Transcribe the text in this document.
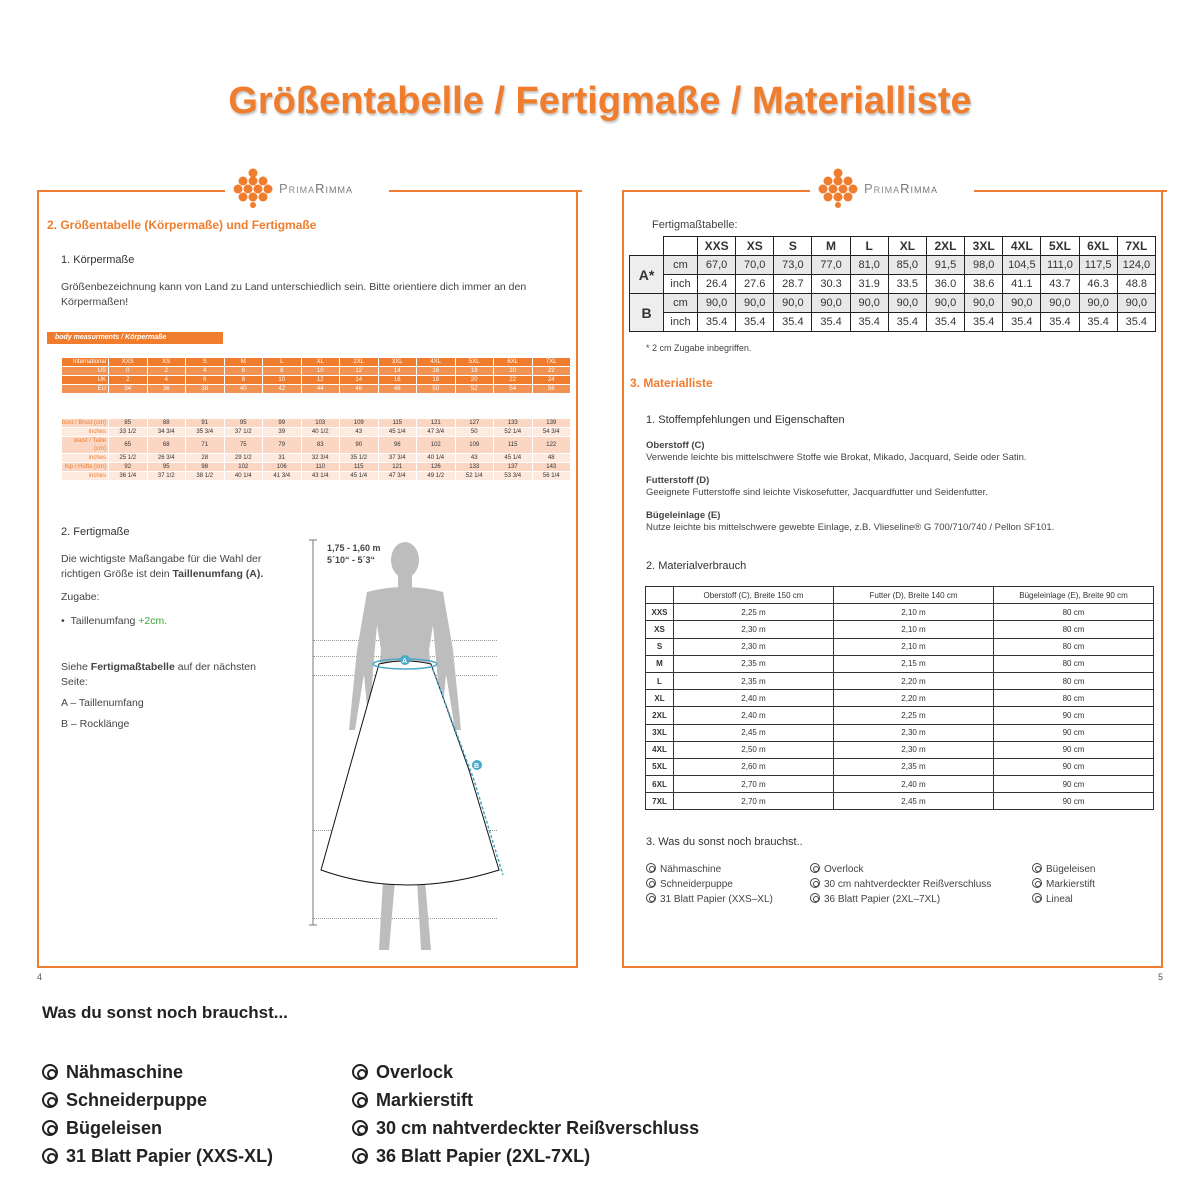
Größentabelle / Fertigmaße / Materialliste
PrimaRimma
2. Größentabelle (Körpermaße) und Fertigmaße
1. Körpermaße
Größenbezeichnung kann von Land zu Land unterschiedlich sein. Bitte orientiere dich immer an den Körpermaßen!
body measurments / Körpermaße
International	XXS	XS	S	M	L	XL	2XL	3XL	4XL	5XL	6XL	7XL
US	0	2	4	6	8	10	12	14	16	18	20	22
UK	2	4	6	8	10	12	14	16	18	20	22	24
EU	34	36	38	40	42	44	46	48	50	52	54	56
bust / Brust (cm)	85	88	91	95	99	103	109	115	121	127	133	139
inches	33 1/2	34 3/4	35 3/4	37 1/2	39	40 1/2	43	45 1/4	47 3/4	50	52 1/4	54 3/4
waist / Taille (cm)	65	68	71	75	79	83	90	96	102	109	115	122
inches	25 1/2	26 3/4	28	29 1/2	31	32 3/4	35 1/2	37 3/4	40 1/4	43	45 1/4	48
hip / Hüfte (cm)	92	95	98	102	106	110	115	121	126	133	137	143
inches	36 1/4	37 1/2	38 1/2	40 1/4	41 3/4	43 1/4	45 1/4	47 3/4	49 1/2	52 1/4	53 3/4	56 1/4
2. Fertigmaße
Die wichtigste Maßangabe für die Wahl der richtigen Größe ist dein Taillenumfang (A).
Zugabe:
•  Taillenumfang +2cm.
Siehe Fertigmaßtabelle auf der nächsten Seite:
A – Taillenumfang
B – Rocklänge
1,75 - 1,60 m
5´10“ - 5´3“
A
B
4
PrimaRimma
Fertigmaßtabelle:
		XXS	XS	S	M	L	XL	2XL	3XL	4XL	5XL	6XL	7XL
A*	cm	67,0	70,0	73,0	77,0	81,0	85,0	91,5	98,0	104,5	111,0	117,5	124,0
	inch	26.4	27.6	28.7	30.3	31.9	33.5	36.0	38.6	41.1	43.7	46.3	48.8
B	cm	90,0	90,0	90,0	90,0	90,0	90,0	90,0	90,0	90,0	90,0	90,0	90,0
	inch	35.4	35.4	35.4	35.4	35.4	35.4	35.4	35.4	35.4	35.4	35.4	35.4
* 2 cm Zugabe inbegriffen.
3. Materialliste
1. Stoffempfehlungen und Eigenschaften
Oberstoff (C)
Verwende leichte bis mittelschwere Stoffe wie Brokat, Mikado, Jacquard, Seide oder Satin.
Futterstoff (D)
Geeignete Futterstoffe sind leichte Viskosefutter, Jacquardfutter und Seidenfutter.
Bügeleinlage (E)
Nutze leichte bis mittelschwere gewebte Einlage, z.B. Vlieseline® G 700/710/740 / Pellon SF101.
2. Materialverbrauch
	Oberstoff (C), Breite 150 cm	Futter (D), Breite 140 cm	Bügeleinlage (E), Breite 90 cm
XXS	2,25 m	2,10 m	80 cm
XS	2,30 m	2,10 m	80 cm
S	2,30 m	2,10 m	80 cm
M	2,35 m	2,15 m	80 cm
L	2,35 m	2,20 m	80 cm
XL	2,40 m	2,20 m	80 cm
2XL	2,40 m	2,25 m	90 cm
3XL	2,45 m	2,30 m	90 cm
4XL	2,50 m	2,30 m	90 cm
5XL	2,60 m	2,35 m	90 cm
6XL	2,70 m	2,40 m	90 cm
7XL	2,70 m	2,45 m	90 cm
3. Was du sonst noch brauchst..
Nähmaschine
Schneiderpuppe
31 Blatt Papier (XXS–XL)
Overlock
30 cm nahtverdeckter Reißverschluss
36 Blatt Papier (2XL–7XL)
Bügeleisen
Markierstift
Lineal
5
Was du sonst noch brauchst...
Nähmaschine
Schneiderpuppe
Bügeleisen
31 Blatt Papier (XXS-XL)
Overlock
Markierstift
30 cm nahtverdeckter Reißverschluss
36 Blatt Papier (2XL-7XL)
